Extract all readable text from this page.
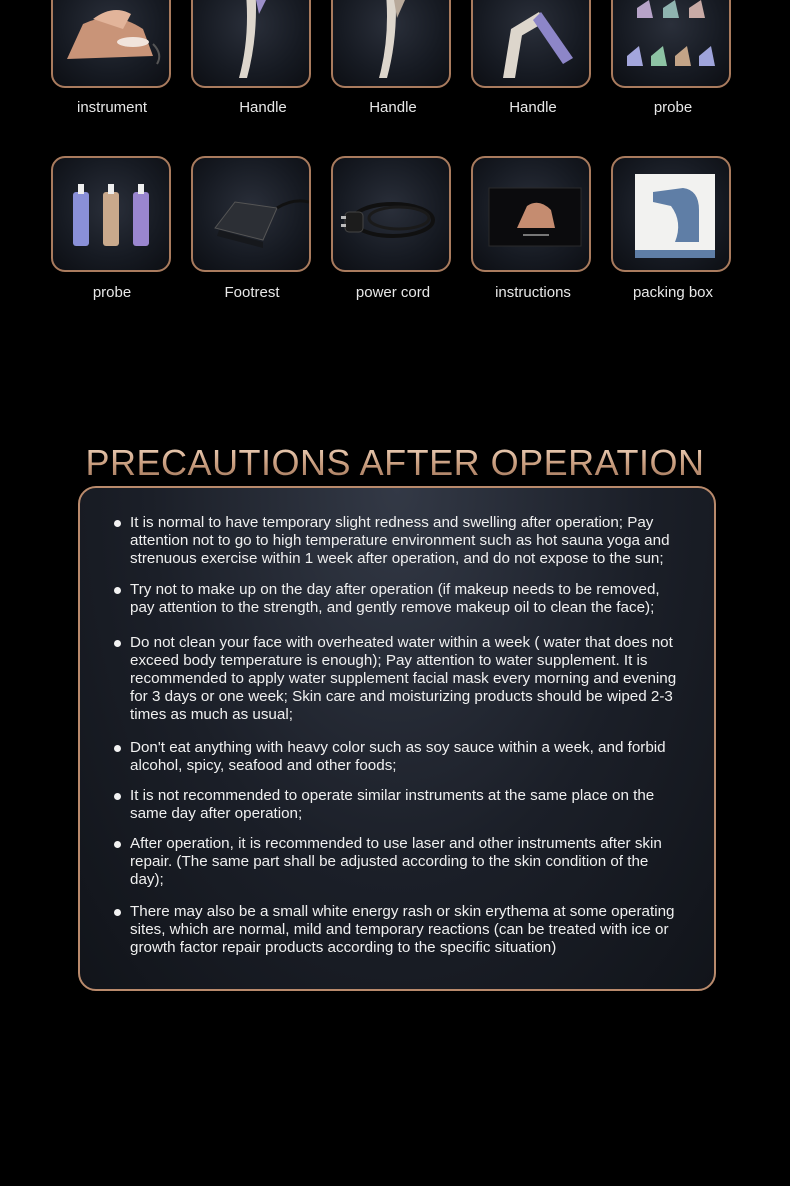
instrument	Handle	Handle	Handle	probe
probe	Footrest	power cord	instructions	packing box
PRECAUTIONS AFTER OPERATION
It is normal to have temporary slight redness and swelling after operation; Pay attention not to go to high temperature environment such as hot sauna yoga and strenuous exercise within 1 week after operation, and do not expose to the sun;
Try not to make up on the day after operation (if makeup needs to be removed, pay attention to the strength, and gently remove makeup oil to clean the face);
Do not clean your face with overheated water within a week ( water that does not exceed body temperature is enough); Pay attention to water supplement. It is recommended to apply water supplement facial mask every morning and evening for 3 days or one week; Skin care and moisturizing products should be wiped 2-3 times as much as usual;
Don't eat anything with heavy color such as soy sauce within a week, and forbid alcohol, spicy, seafood and other foods;
It is not recommended to operate similar instruments at the same place on the same day after operation;
After operation, it is recommended to use laser and other instruments after skin repair. (The same part shall be adjusted according to the skin condition of the day);
There may also be a small white energy rash or skin erythema at some operating sites, which are normal, mild and temporary reactions (can be treated with ice or growth factor repair products according to the specific situation)
